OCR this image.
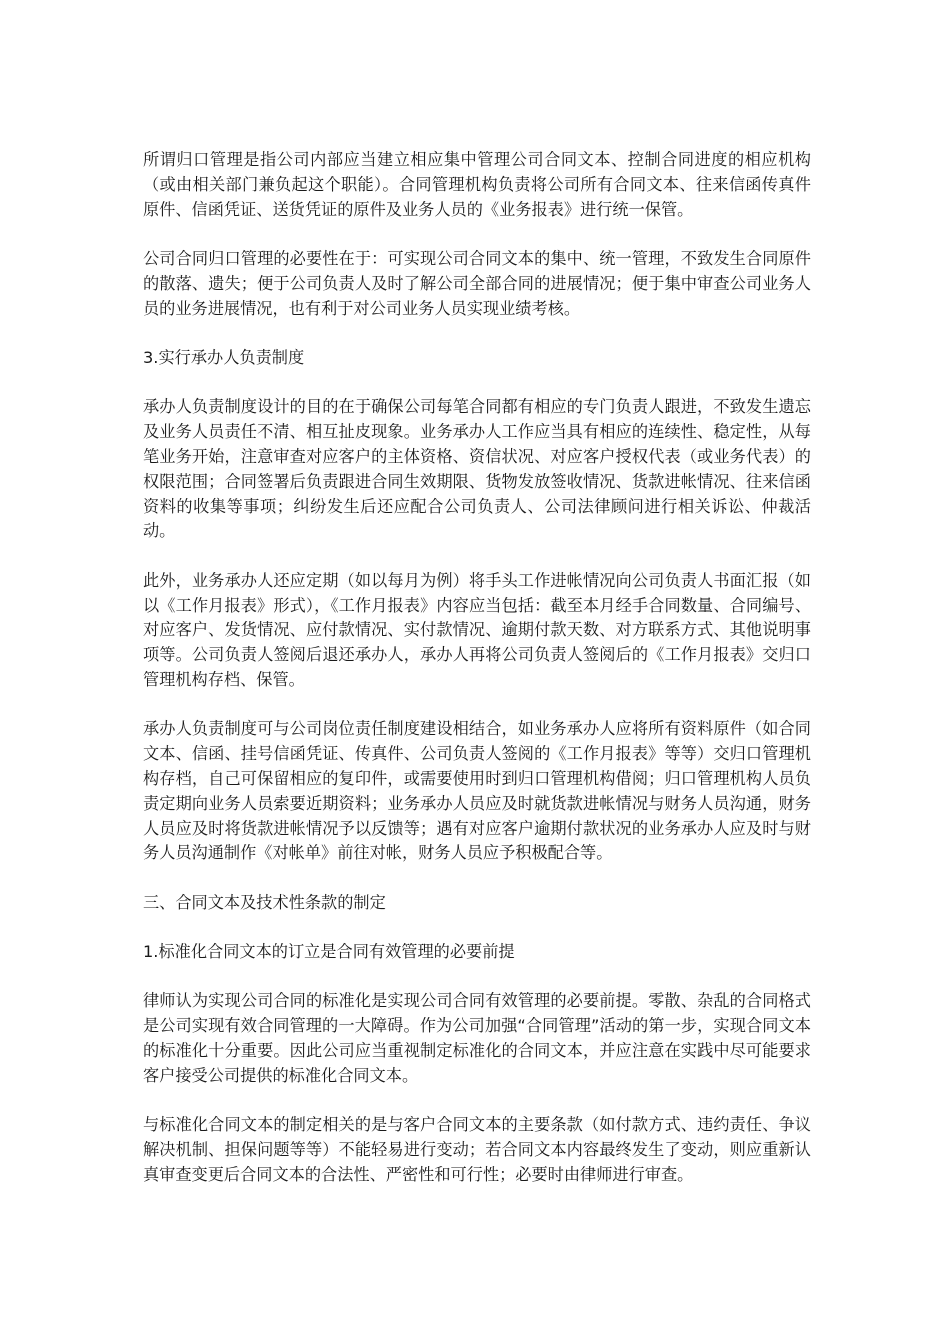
所谓归口管理是指公司内部应当建立相应集中管理公司合同文本、控制合同进度的相应机构（或由相关部门兼负起这个职能）。合同管理机构负责将公司所有合同文本、往来信函传真件原件、信函凭证、送货凭证的原件及业务人员的《业务报表》进行统一保管。

公司合同归口管理的必要性在于：可实现公司合同文本的集中、统一管理，不致发生合同原件的散落、遗失；便于公司负责人及时了解公司全部合同的进展情况；便于集中审查公司业务人员的业务进展情况，也有利于对公司业务人员实现业绩考核。

3.实行承办人负责制度

承办人负责制度设计的目的在于确保公司每笔合同都有相应的专门负责人跟进，不致发生遗忘及业务人员责任不清、相互扯皮现象。业务承办人工作应当具有相应的连续性、稳定性，从每笔业务开始，注意审查对应客户的主体资格、资信状况、对应客户授权代表（或业务代表）的权限范围；合同签署后负责跟进合同生效期限、货物发放签收情况、货款进帐情况、往来信函资料的收集等事项；纠纷发生后还应配合公司负责人、公司法律顾问进行相关诉讼、仲裁活动。

此外，业务承办人还应定期（如以每月为例）将手头工作进帐情况向公司负责人书面汇报（如以《工作月报表》形式），《工作月报表》内容应当包括：截至本月经手合同数量、合同编号、对应客户、发货情况、应付款情况、实付款情况、逾期付款天数、对方联系方式、其他说明事项等。公司负责人签阅后退还承办人，承办人再将公司负责人签阅后的《工作月报表》交归口管理机构存档、保管。

承办人负责制度可与公司岗位责任制度建设相结合，如业务承办人应将所有资料原件（如合同文本、信函、挂号信函凭证、传真件、公司负责人签阅的《工作月报表》等等）交归口管理机构存档，自己可保留相应的复印件，或需要使用时到归口管理机构借阅；归口管理机构人员负责定期向业务人员索要近期资料；业务承办人员应及时就货款进帐情况与财务人员沟通，财务人员应及时将货款进帐情况予以反馈等；遇有对应客户逾期付款状况的业务承办人应及时与财务人员沟通制作《对帐单》前往对帐，财务人员应予积极配合等。

三、合同文本及技术性条款的制定

1.标准化合同文本的订立是合同有效管理的必要前提

律师认为实现公司合同的标准化是实现公司合同有效管理的必要前提。零散、杂乱的合同格式是公司实现有效合同管理的一大障碍。作为公司加强“合同管理”活动的第一步，实现合同文本的标准化十分重要。因此公司应当重视制定标准化的合同文本，并应注意在实践中尽可能要求客户接受公司提供的标准化合同文本。

与标准化合同文本的制定相关的是与客户合同文本的主要条款（如付款方式、违约责任、争议解决机制、担保问题等等）不能轻易进行变动；若合同文本内容最终发生了变动，则应重新认真审查变更后合同文本的合法性、严密性和可行性；必要时由律师进行审查。
